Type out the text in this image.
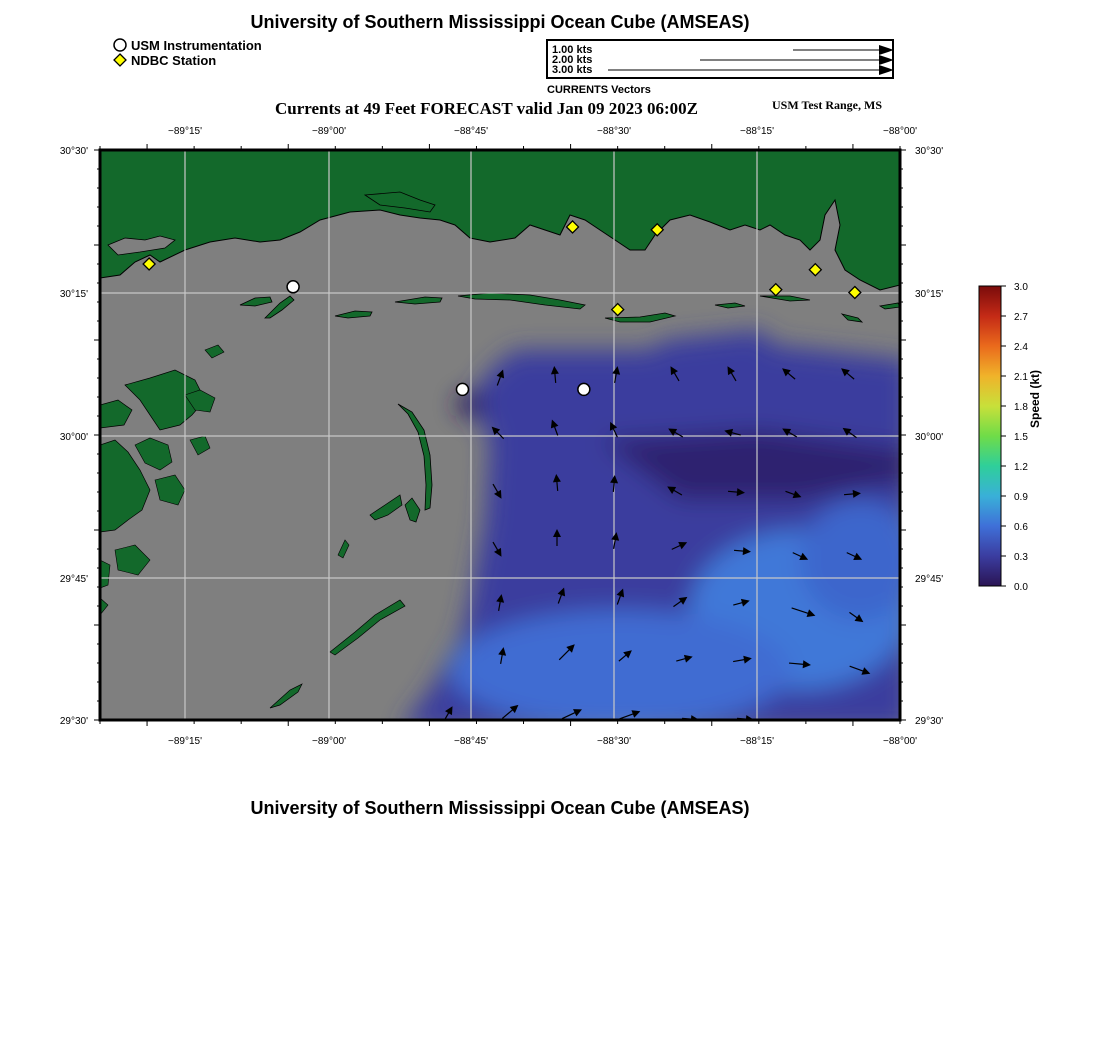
University of Southern Mississippi Ocean Cube (AMSEAS)
USM Instrumentation
NDBC Station
1.00 kts
2.00 kts
3.00 kts
CURRENTS Vectors
Currents at 49 Feet FORECAST valid Jan 09 2023 06:00Z	USM Test Range, MS
−89°15'
−89°15'
−89°00'
−89°00'
−88°45'
−88°45'
−88°30'
−88°30'
−88°15'
−88°15'
−88°00'
−88°00'
30°30'	30°30'
30°15'	30°15'
30°00'	30°00'
29°45'	29°45'
29°30'	29°30'
3.0
2.7
2.4
2.1
1.8
1.5
1.2
0.9
0.6
0.3
0.0
Speed (kt)
University of Southern Mississippi Ocean Cube (AMSEAS)
